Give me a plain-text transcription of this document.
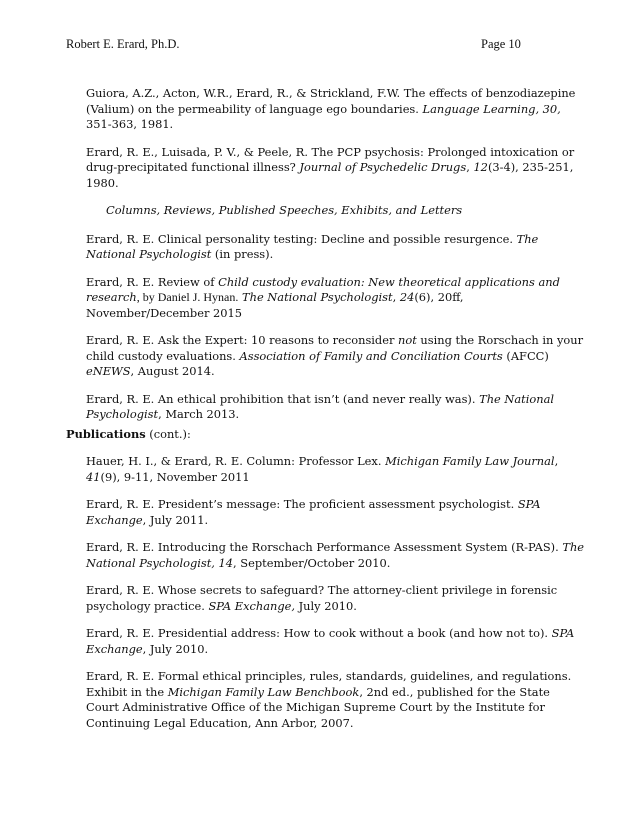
Robert E. Erard, Ph.D.	Page 10

Guiora, A.Z., Acton, W.R., Erard, R., & Strickland, F.W. The effects of benzodiazepine (Valium) on the permeability of language ego boundaries. Language Learning, 30, 351-363, 1981.

Erard, R. E., Luisada, P. V., & Peele, R. The PCP psychosis: Prolonged intoxication or drug-precipitated functional illness? Journal of Psychedelic Drugs, 12(3-4), 235-251, 1980.

Columns, Reviews, Published Speeches, Exhibits, and Letters

Erard, R. E. Clinical personality testing: Decline and possible resurgence. The National Psychologist (in press).

Erard, R. E. Review of Child custody evaluation: New theoretical applications and research, by Daniel J. Hynan. The National Psychologist, 24(6), 20ff, November/December 2015

Erard, R. E. Ask the Expert: 10 reasons to reconsider not using the Rorschach in your child custody evaluations. Association of Family and Conciliation Courts (AFCC) eNEWS, August 2014.

Erard, R. E. An ethical prohibition that isn’t (and never really was). The National Psychologist, March 2013.

Publications (cont.):

Hauer, H. I., & Erard, R. E. Column: Professor Lex. Michigan Family Law Journal, 41(9), 9-11, November 2011

Erard, R. E. President’s message: The proficient assessment psychologist. SPA Exchange, July 2011.

Erard, R. E. Introducing the Rorschach Performance Assessment System (R-PAS). The National Psychologist, 14, September/October 2010.

Erard, R. E. Whose secrets to safeguard? The attorney-client privilege in forensic psychology practice. SPA Exchange, July 2010.

Erard, R. E. Presidential address: How to cook without a book (and how not to). SPA Exchange, July 2010.

Erard, R. E. Formal ethical principles, rules, standards, guidelines, and regulations. Exhibit in the Michigan Family Law Benchbook, 2nd ed., published for the State Court Administrative Office of the Michigan Supreme Court by the Institute for Continuing Legal Education, Ann Arbor, 2007.
